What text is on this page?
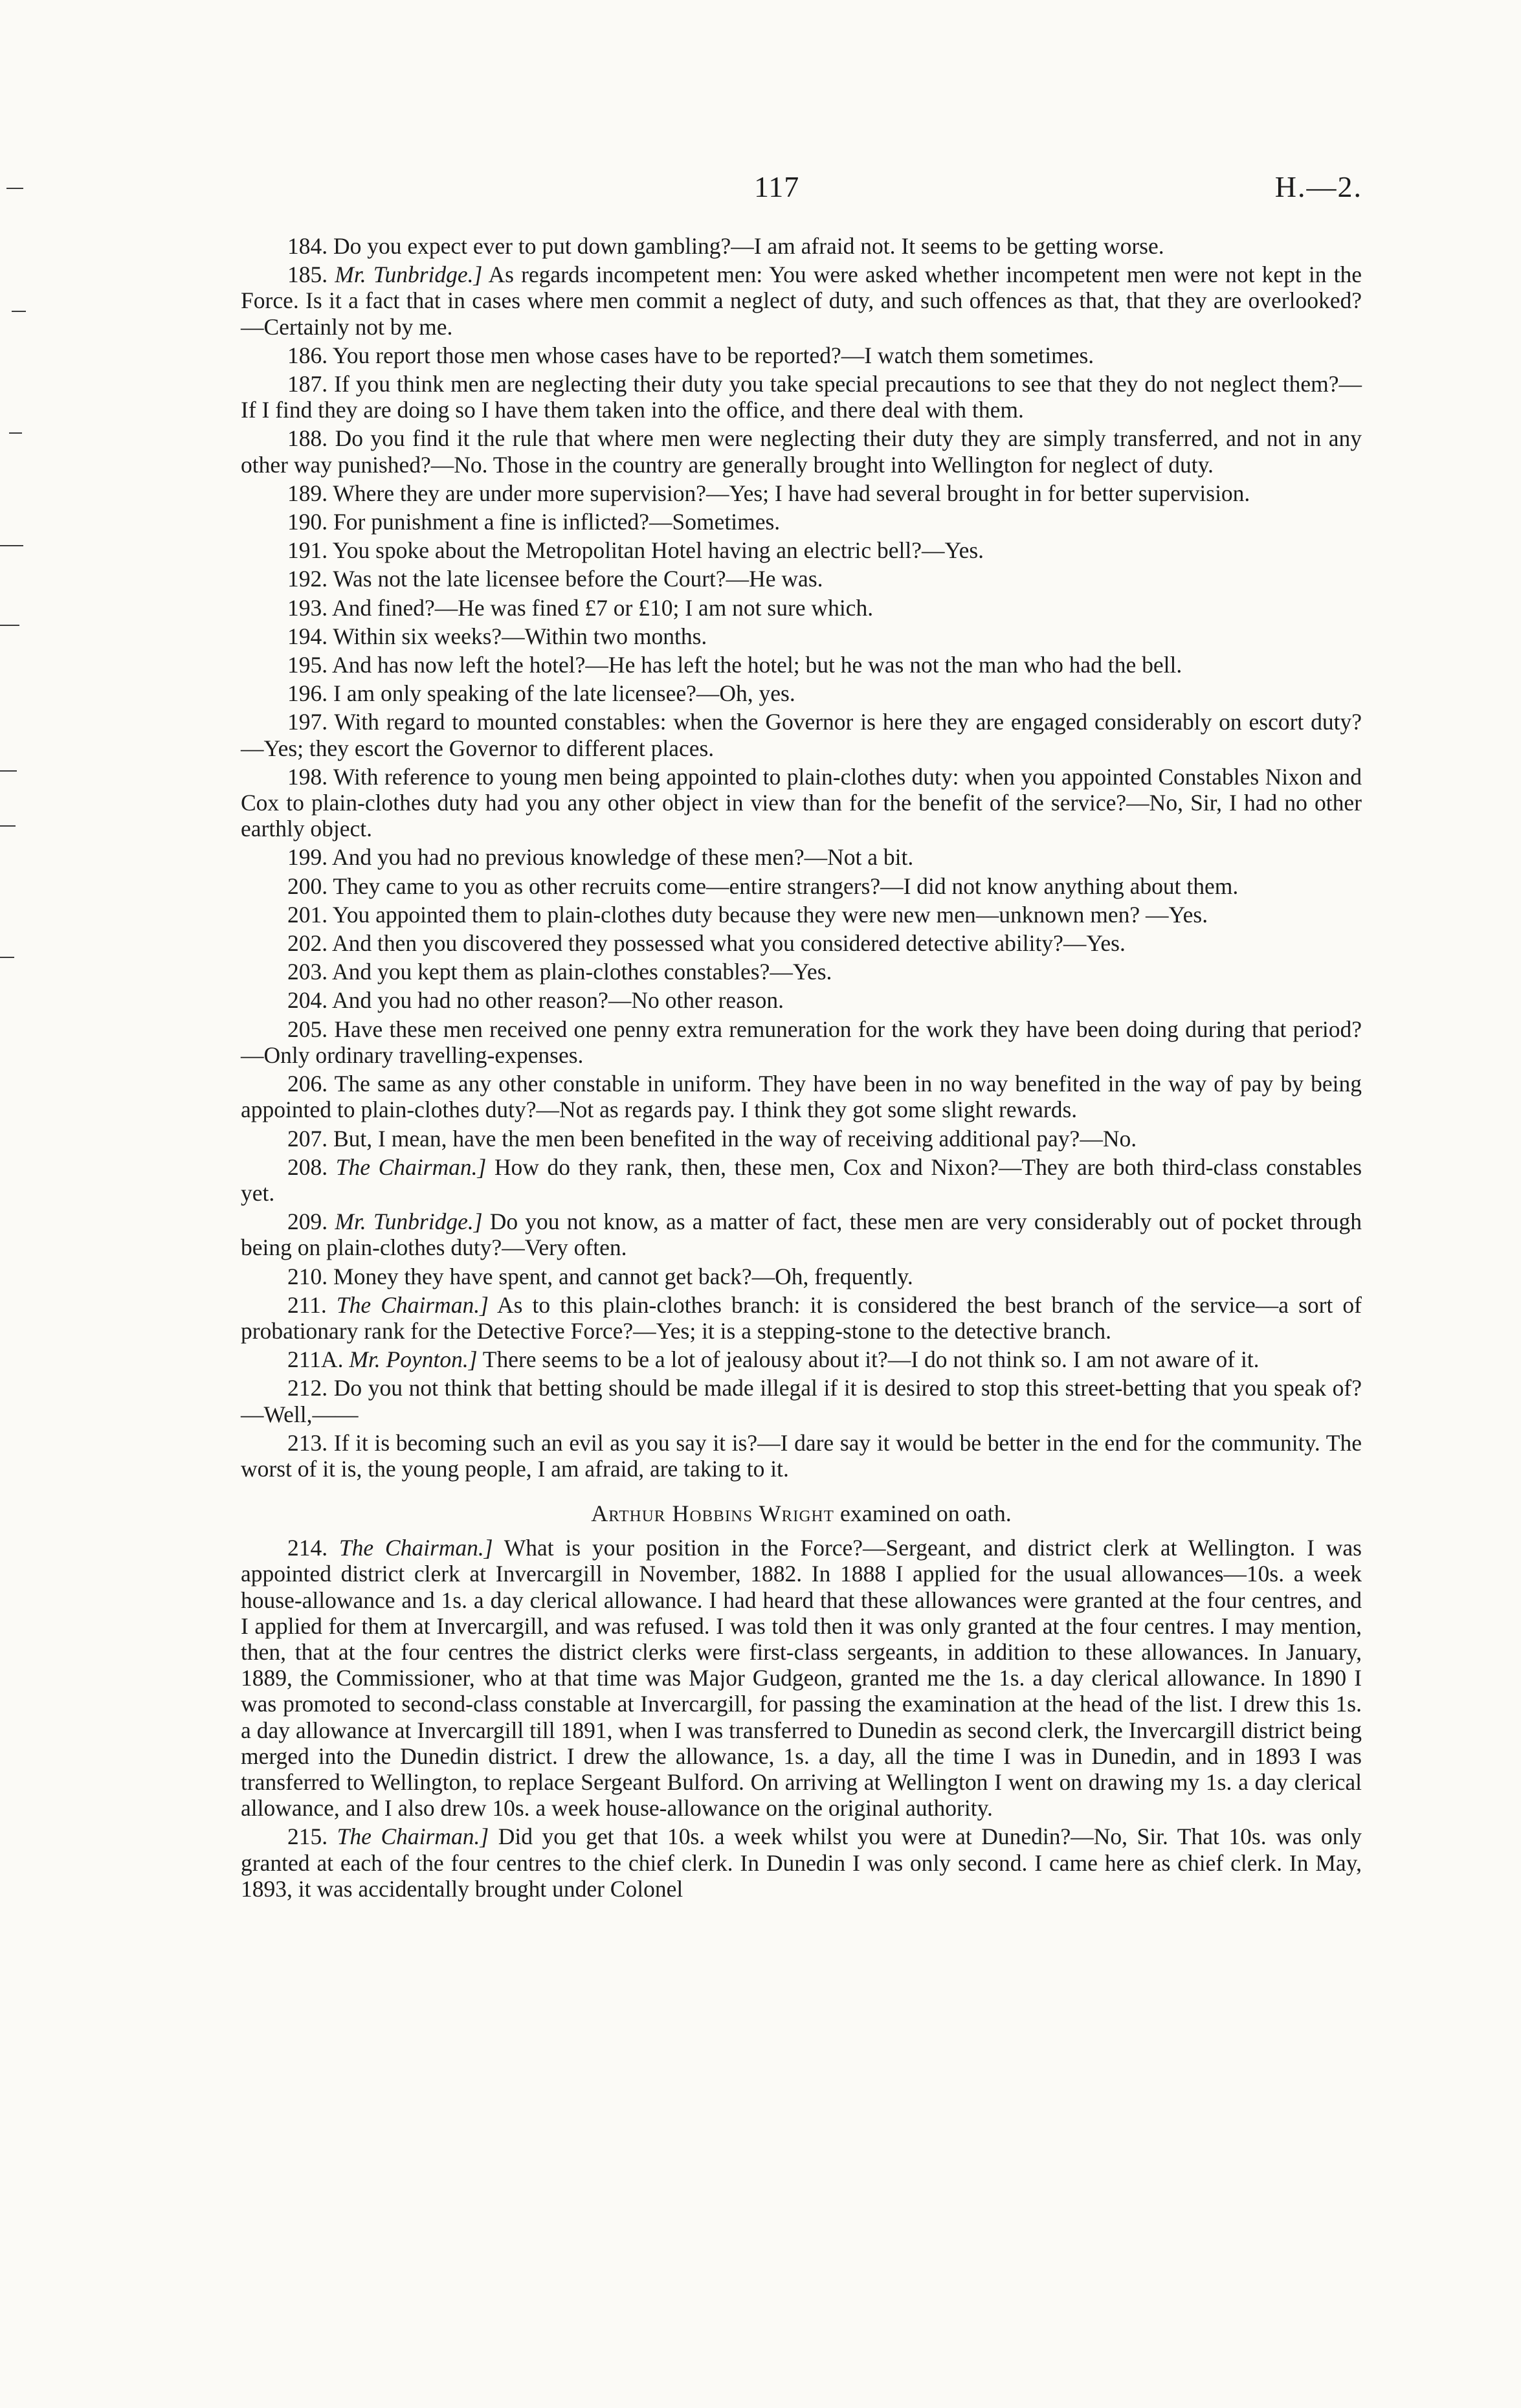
117	H.—2.

184. Do you expect ever to put down gambling?—I am afraid not. It seems to be getting worse.

185. Mr. Tunbridge.] As regards incompetent men: You were asked whether incompetent men were not kept in the Force. Is it a fact that in cases where men commit a neglect of duty, and such offences as that, that they are overlooked?—Certainly not by me.

186. You report those men whose cases have to be reported?—I watch them sometimes.

187. If you think men are neglecting their duty you take special precautions to see that they do not neglect them?—If I find they are doing so I have them taken into the office, and there deal with them.

188. Do you find it the rule that where men were neglecting their duty they are simply transferred, and not in any other way punished?—No. Those in the country are generally brought into Wellington for neglect of duty.

189. Where they are under more supervision?—Yes; I have had several brought in for better supervision.

190. For punishment a fine is inflicted?—Sometimes.

191. You spoke about the Metropolitan Hotel having an electric bell?—Yes.

192. Was not the late licensee before the Court?—He was.

193. And fined?—He was fined £7 or £10; I am not sure which.

194. Within six weeks?—Within two months.

195. And has now left the hotel?—He has left the hotel; but he was not the man who had the bell.

196. I am only speaking of the late licensee?—Oh, yes.

197. With regard to mounted constables: when the Governor is here they are engaged considerably on escort duty?—Yes; they escort the Governor to different places.

198. With reference to young men being appointed to plain-clothes duty: when you appointed Constables Nixon and Cox to plain-clothes duty had you any other object in view than for the benefit of the service?—No, Sir, I had no other earthly object.

199. And you had no previous knowledge of these men?—Not a bit.

200. They came to you as other recruits come—entire strangers?—I did not know anything about them.

201. You appointed them to plain-clothes duty because they were new men—unknown men? —Yes.

202. And then you discovered they possessed what you considered detective ability?—Yes.

203. And you kept them as plain-clothes constables?—Yes.

204. And you had no other reason?—No other reason.

205. Have these men received one penny extra remuneration for the work they have been doing during that period?—Only ordinary travelling-expenses.

206. The same as any other constable in uniform. They have been in no way benefited in the way of pay by being appointed to plain-clothes duty?—Not as regards pay. I think they got some slight rewards.

207. But, I mean, have the men been benefited in the way of receiving additional pay?—No.

208. The Chairman.] How do they rank, then, these men, Cox and Nixon?—They are both third-class constables yet.

209. Mr. Tunbridge.] Do you not know, as a matter of fact, these men are very considerably out of pocket through being on plain-clothes duty?—Very often.

210. Money they have spent, and cannot get back?—Oh, frequently.

211. The Chairman.] As to this plain-clothes branch: it is considered the best branch of the service—a sort of probationary rank for the Detective Force?—Yes; it is a stepping-stone to the detective branch.

211A. Mr. Poynton.] There seems to be a lot of jealousy about it?—I do not think so. I am not aware of it.

212. Do you not think that betting should be made illegal if it is desired to stop this street-betting that you speak of?—Well,——

213. If it is becoming such an evil as you say it is?—I dare say it would be better in the end for the community. The worst of it is, the young people, I am afraid, are taking to it.

Arthur Hobbins Wright examined on oath.

214. The Chairman.] What is your position in the Force?—Sergeant, and district clerk at Wellington. I was appointed district clerk at Invercargill in November, 1882. In 1888 I applied for the usual allowances—10s. a week house-allowance and 1s. a day clerical allowance. I had heard that these allowances were granted at the four centres, and I applied for them at Invercargill, and was refused. I was told then it was only granted at the four centres. I may mention, then, that at the four centres the district clerks were first-class sergeants, in addition to these allowances. In January, 1889, the Commissioner, who at that time was Major Gudgeon, granted me the 1s. a day clerical allowance. In 1890 I was promoted to second-class constable at Invercargill, for passing the examination at the head of the list. I drew this 1s. a day allowance at Invercargill till 1891, when I was transferred to Dunedin as second clerk, the Invercargill district being merged into the Dunedin district. I drew the allowance, 1s. a day, all the time I was in Dunedin, and in 1893 I was transferred to Wellington, to replace Sergeant Bulford. On arriving at Wellington I went on drawing my 1s. a day clerical allowance, and I also drew 10s. a week house-allowance on the original authority.

215. The Chairman.] Did you get that 10s. a week whilst you were at Dunedin?—No, Sir. That 10s. was only granted at each of the four centres to the chief clerk. In Dunedin I was only second. I came here as chief clerk. In May, 1893, it was accidentally brought under Colonel
